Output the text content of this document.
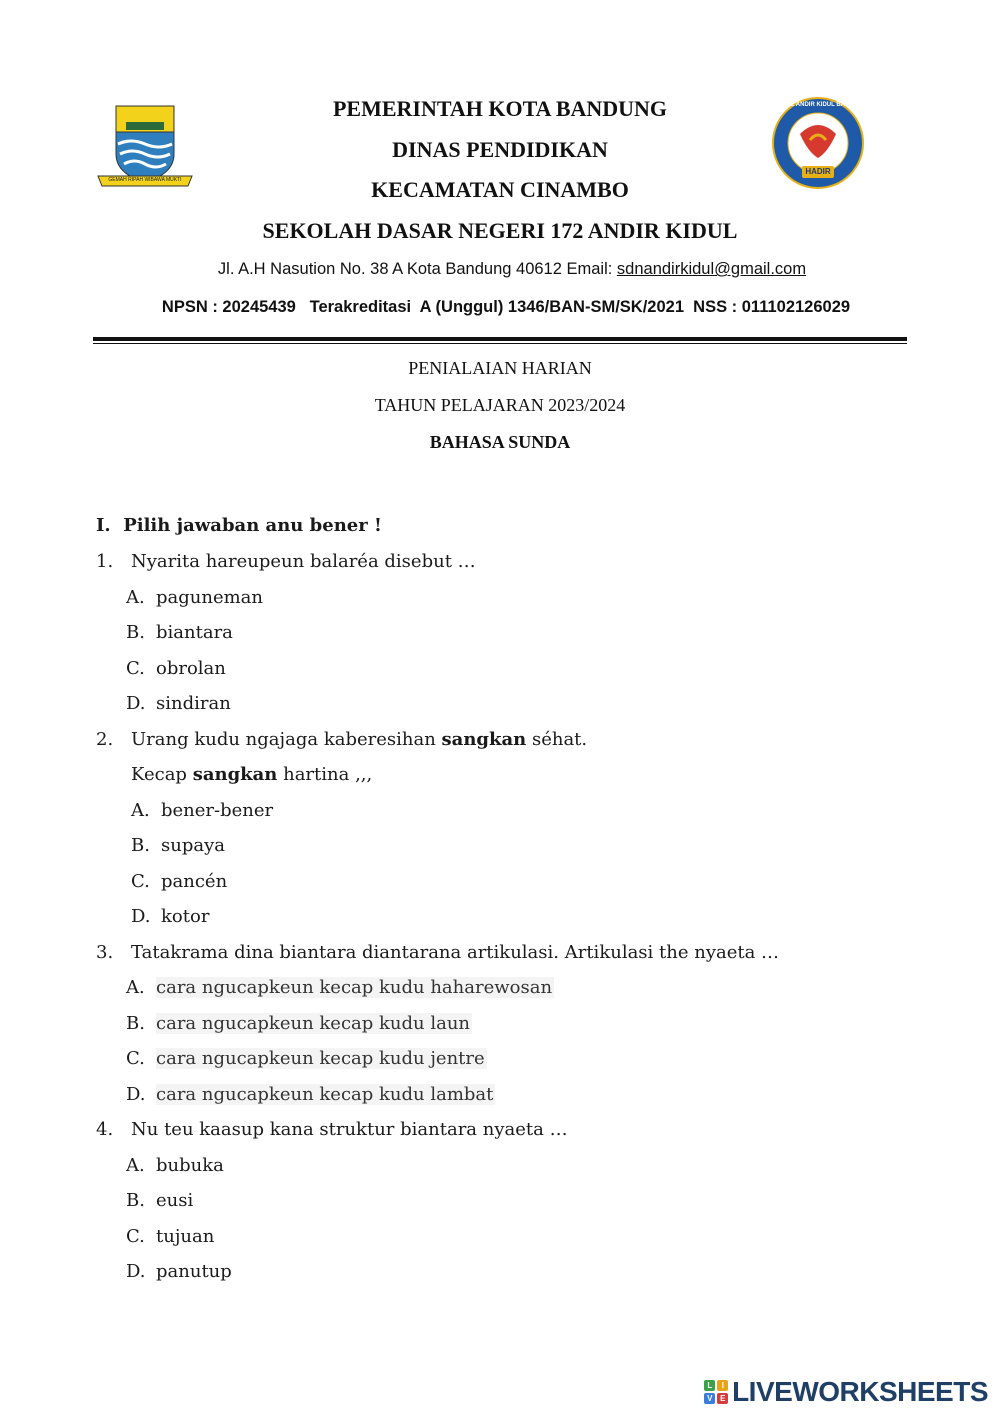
GEMAH RIPAH WIBAWA MUKTI
SDN 172 ANDIR KIDUL BANDUNG
HADIR
PEMERINTAH KOTA BANDUNG
DINAS PENDIDIKAN
KECAMATAN CINAMBO
SEKOLAH DASAR NEGERI 172 ANDIR KIDUL
Jl. A.H Nasution No. 38 A Kota Bandung 40612 Email: sdnandirkidul@gmail.com
NPSN : 20245439   Terakreditasi  A (Unggul) 1346/BAN-SM/SK/2021  NSS : 011102126029
PENIALAIAN HARIAN
TAHUN PELAJARAN 2023/2024
BAHASA SUNDA
I.  Pilih jawaban anu bener !
1. Nyarita hareupeun balaréa disebut …
A. paguneman
B. biantara
C. obrolan
D. sindiran
2. Urang kudu ngajaga kaberesihan sangkan séhat.
Kecap sangkan hartina ,,,
A. bener-bener
B. supaya
C. pancén
D. kotor
3. Tatakrama dina biantara diantarana artikulasi. Artikulasi the nyaeta …
A. cara ngucapkeun kecap kudu haharewosan
B. cara ngucapkeun kecap kudu laun
C. cara ngucapkeun kecap kudu jentre
D. cara ngucapkeun kecap kudu lambat
4. Nu teu kaasup kana struktur biantara nyaeta …
A. bubuka
B. eusi
C. tujuan
D. panutup
L	I
V	E LIVEWORKSHEETS
